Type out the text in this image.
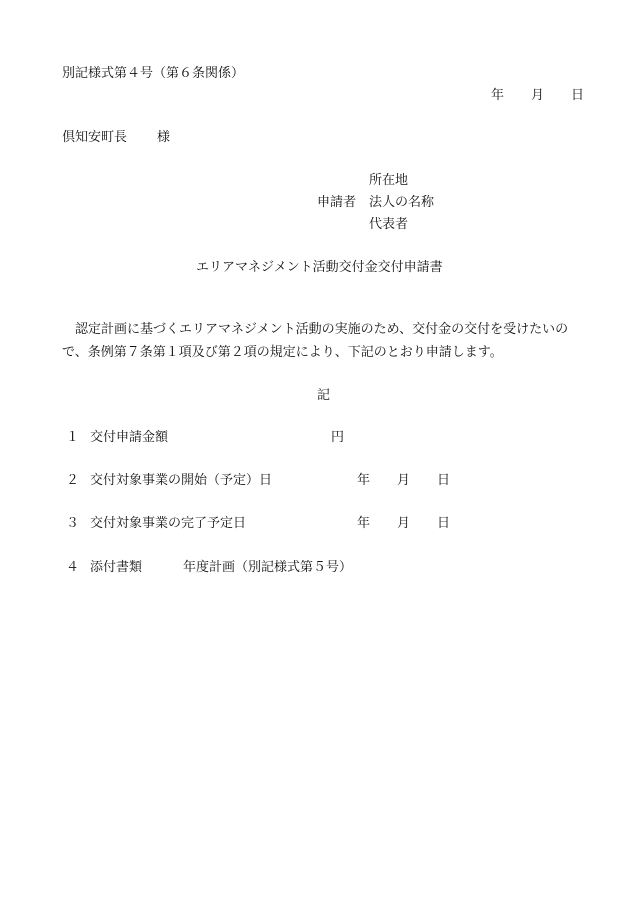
別記様式第４号（第６条関係）
年 月 日
倶知安町長 様
所在地
申請者 法人の名称
代表者
エリアマネジメント活動交付金交付申請書
　認定計画に基づくエリアマネジメント活動の実施のため、交付金の交付を受けたいので、条例第７条第１項及び第２項の規定により、下記のとおり申請します。
記
１ 交付申請金額	円
２ 交付対象事業の開始（予定）日	年 月 日
３ 交付対象事業の完了予定日	年 月 日
４ 添付書類	年度計画（別記様式第５号）
